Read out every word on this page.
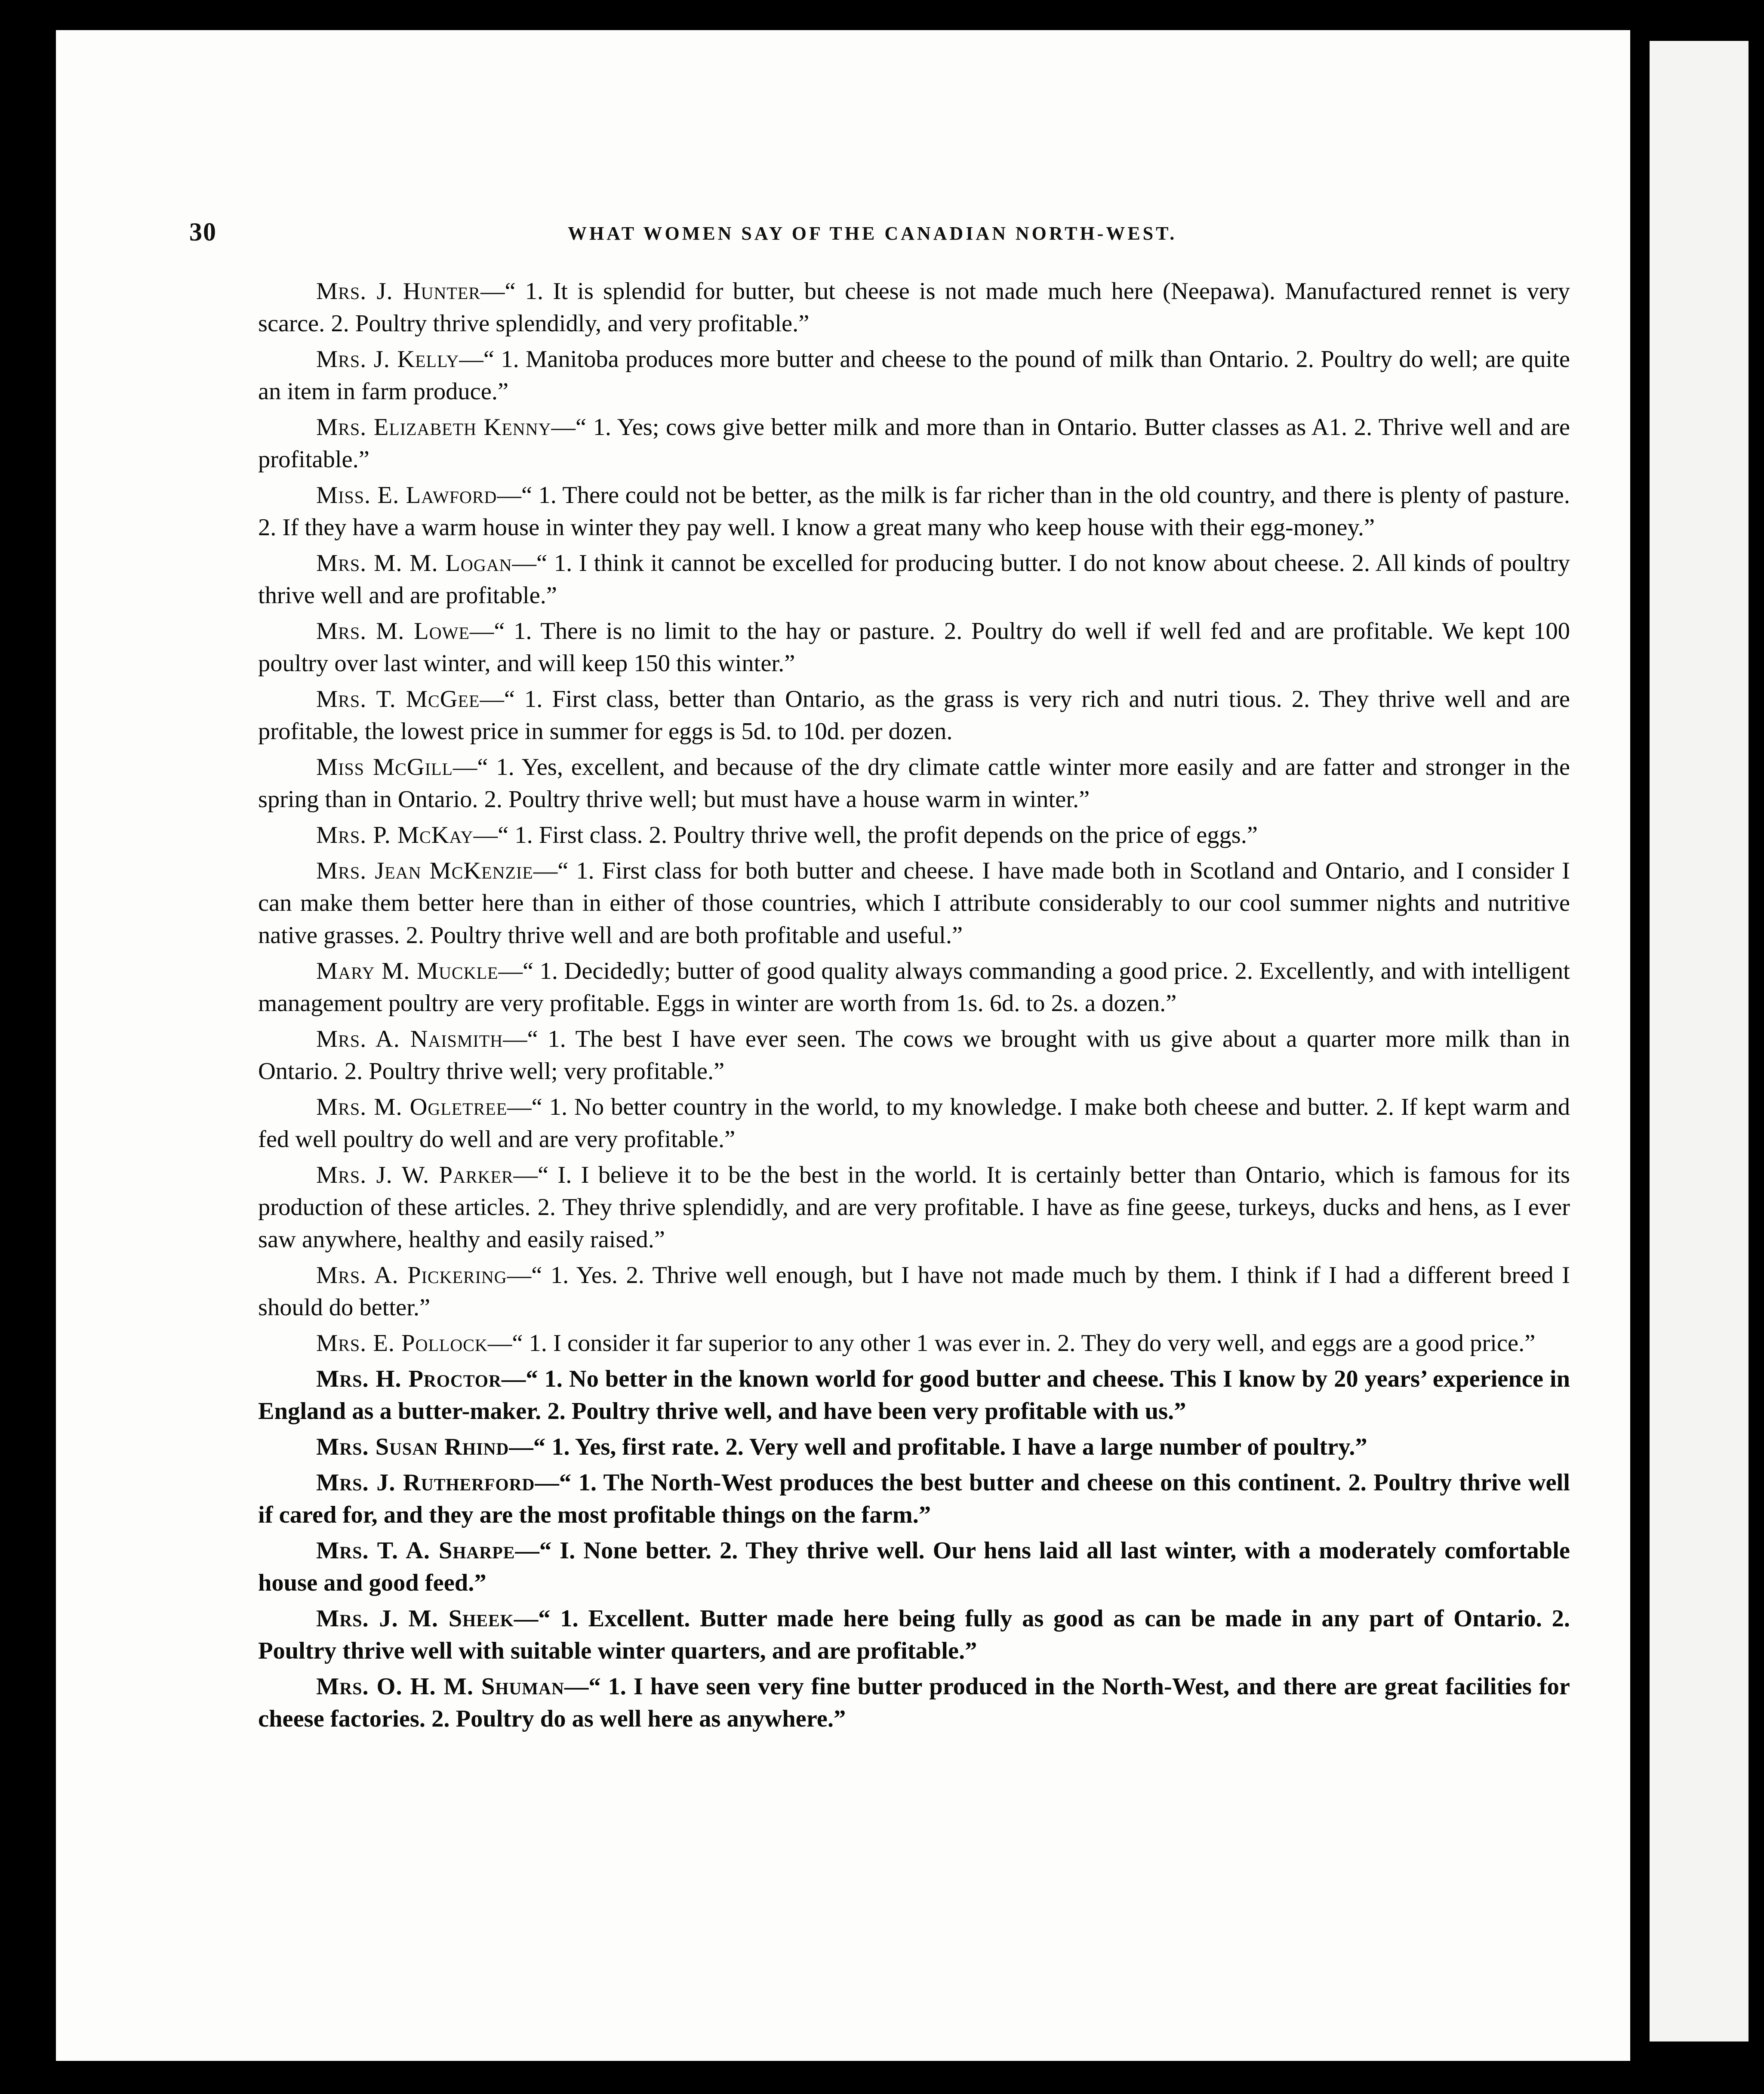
30	WHAT WOMEN SAY OF THE CANADIAN NORTH-WEST.

Mrs. J. Hunter—“ 1. It is splendid for butter, but cheese is not made much here (Neepawa). Manufactured rennet is very scarce. 2. Poultry thrive splendidly, and very profitable.”

Mrs. J. Kelly—“ 1. Manitoba produces more butter and cheese to the pound of milk than Ontario. 2. Poultry do well; are quite an item in farm produce.”

Mrs. Elizabeth Kenny—“ 1. Yes; cows give better milk and more than in Ontario. Butter classes as A1. 2. Thrive well and are profitable.”

Miss. E. Lawford—“ 1. There could not be better, as the milk is far richer than in the old country, and there is plenty of pasture. 2. If they have a warm house in winter they pay well. I know a great many who keep house with their egg-money.”

Mrs. M. M. Logan—“ 1. I think it cannot be excelled for producing butter. I do not know about cheese. 2. All kinds of poultry thrive well and are profitable.”

Mrs. M. Lowe—“ 1. There is no limit to the hay or pasture. 2. Poultry do well if well fed and are profitable. We kept 100 poultry over last winter, and will keep 150 this winter.”

Mrs. T. McGee—“ 1. First class, better than Ontario, as the grass is very rich and nutri tious. 2. They thrive well and are profitable, the lowest price in summer for eggs is 5d. to 10d. per dozen.

Miss McGill—“ 1. Yes, excellent, and because of the dry climate cattle winter more easily and are fatter and stronger in the spring than in Ontario. 2. Poultry thrive well; but must have a house warm in winter.”

Mrs. P. McKay—“ 1. First class. 2. Poultry thrive well, the profit depends on the price of eggs.”

Mrs. Jean McKenzie—“ 1. First class for both butter and cheese. I have made both in Scotland and Ontario, and I consider I can make them better here than in either of those countries, which I attribute considerably to our cool summer nights and nutritive native grasses. 2. Poultry thrive well and are both profitable and useful.”

Mary M. Muckle—“ 1. Decidedly; butter of good quality always commanding a good price. 2. Excellently, and with intelligent management poultry are very profitable. Eggs in winter are worth from 1s. 6d. to 2s. a dozen.”

Mrs. A. Naismith—“ 1. The best I have ever seen. The cows we brought with us give about a quarter more milk than in Ontario. 2. Poultry thrive well; very profitable.”

Mrs. M. Ogletree—“ 1. No better country in the world, to my knowledge. I make both cheese and butter. 2. If kept warm and fed well poultry do well and are very profitable.”

Mrs. J. W. Parker—“ I. I believe it to be the best in the world. It is certainly better than Ontario, which is famous for its production of these articles. 2. They thrive splendidly, and are very profitable. I have as fine geese, turkeys, ducks and hens, as I ever saw anywhere, healthy and easily raised.”

Mrs. A. Pickering—“ 1. Yes. 2. Thrive well enough, but I have not made much by them. I think if I had a different breed I should do better.”

Mrs. E. Pollock—“ 1. I consider it far superior to any other 1 was ever in. 2. They do very well, and eggs are a good price.”

Mrs. H. Proctor—“ 1. No better in the known world for good butter and cheese. This I know by 20 years’ experience in England as a butter-maker. 2. Poultry thrive well, and have been very profitable with us.”

Mrs. Susan Rhind—“ 1. Yes, first rate. 2. Very well and profitable. I have a large number of poultry.”

Mrs. J. Rutherford—“ 1. The North-West produces the best butter and cheese on this continent. 2. Poultry thrive well if cared for, and they are the most profitable things on the farm.”

Mrs. T. A. Sharpe—“ I. None better. 2. They thrive well. Our hens laid all last winter, with a moderately comfortable house and good feed.”

Mrs. J. M. Sheek—“ 1. Excellent. Butter made here being fully as good as can be made in any part of Ontario. 2. Poultry thrive well with suitable winter quarters, and are profitable.”

Mrs. O. H. M. Shuman—“ 1. I have seen very fine butter produced in the North-West, and there are great facilities for cheese factories. 2. Poultry do as well here as anywhere.”
